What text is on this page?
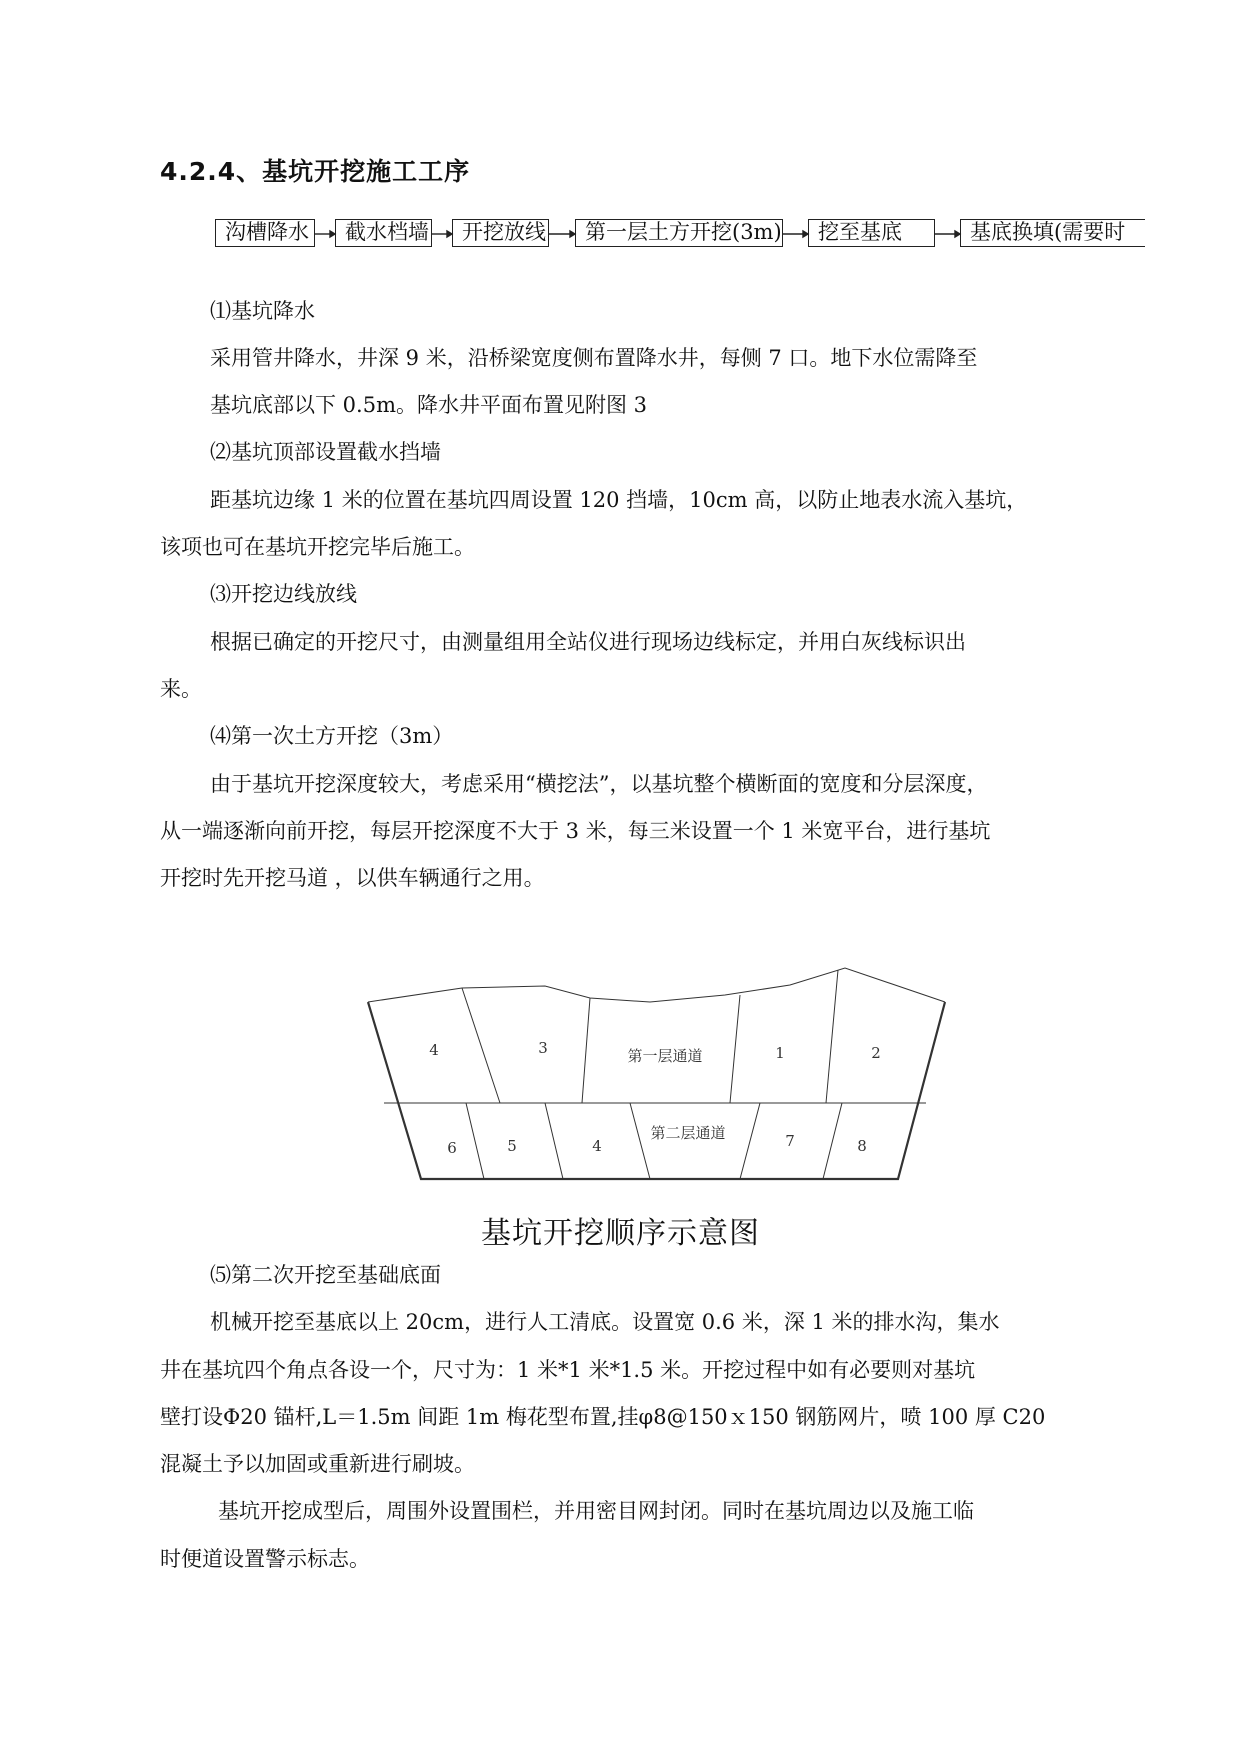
4.2.4、基坑开挖施工工序
沟槽降水	截水档墙	开挖放线	第一层土方开挖(3m)	挖至基底	基底换填(需要时

⑴基坑降水

采用管井降水，井深 9 米，沿桥梁宽度侧布置降水井，每侧 7 口。地下水位需降至

基坑底部以下 0.5m。降水井平面布置见附图 3

⑵基坑顶部设置截水挡墙

距基坑边缘 1 米的位置在基坑四周设置 120 挡墙，10cm 高，以防止地表水流入基坑，

该项也可在基坑开挖完毕后施工。

⑶开挖边线放线

根据已确定的开挖尺寸，由测量组用全站仪进行现场边线标定，并用白灰线标识出

来。

⑷第一次土方开挖（3m）

由于基坑开挖深度较大，考虑采用“横挖法”，以基坑整个横断面的宽度和分层深度，

从一端逐渐向前开挖，每层开挖深度不大于 3 米，每三米设置一个 1 米宽平台，进行基坑

开挖时先开挖马道 ，以供车辆通行之用。

4	3	第一层通道	1	2
6	5	4
第二层通道	7	8

基坑开挖顺序示意图

⑸第二次开挖至基础底面

机械开挖至基底以上 20cm，进行人工清底。设置宽 0.6 米，深 1 米的排水沟，集水

井在基坑四个角点各设一个，尺寸为：1 米*1 米*1.5 米。开挖过程中如有必要则对基坑

壁打设Φ20 锚杆,L＝1.5m 间距 1m 梅花型布置,挂φ8@150ｘ150 钢筋网片，喷 100 厚 C20

混凝土予以加固或重新进行刷坡。

基坑开挖成型后，周围外设置围栏，并用密目网封闭。同时在基坑周边以及施工临

时便道设置警示标志。
